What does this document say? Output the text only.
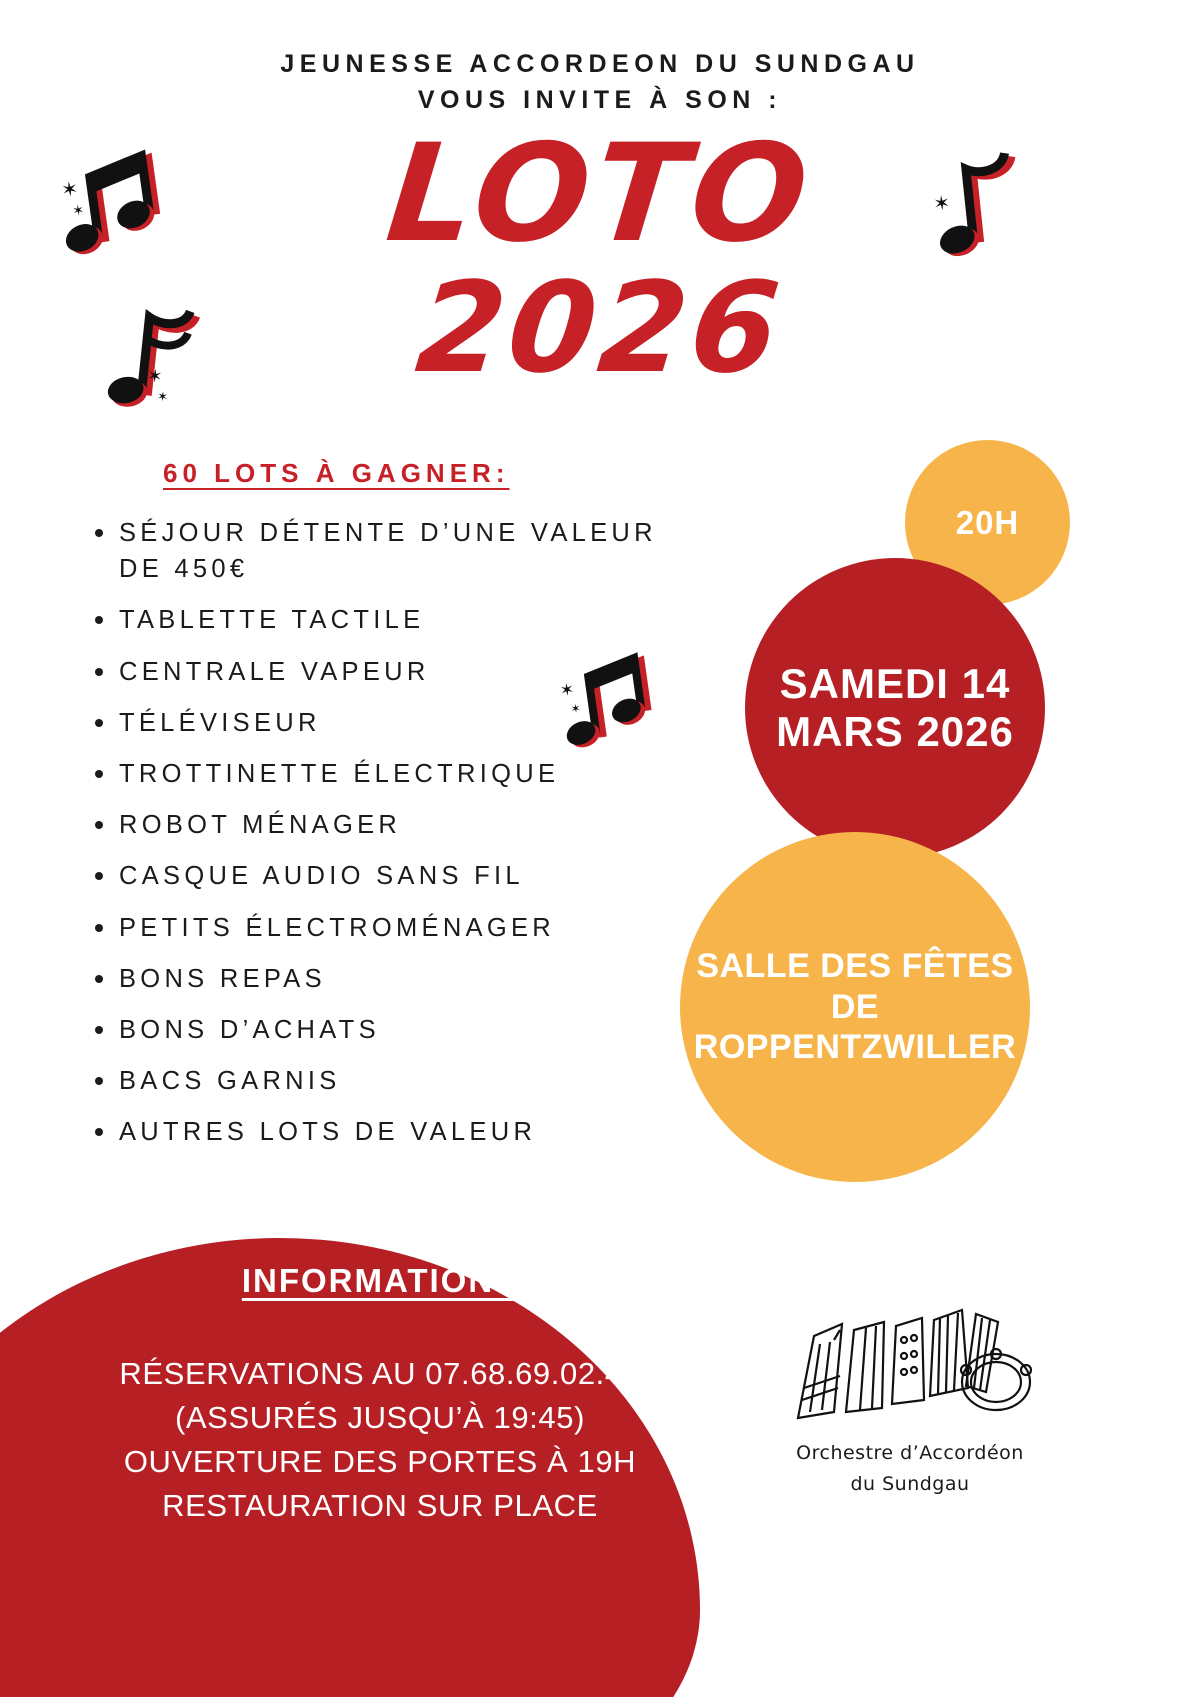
JEUNESSE ACCORDEON DU SUNDGAU
VOUS INVITE À SON :
✶
✶
✶
✶
✶
✶
✶
LOTO
2026
60 LOTS À GAGNER:
SÉJOUR DÉTENTE D’UNE VALEUR DE 450€
TABLETTE TACTILE
CENTRALE VAPEUR
TÉLÉVISEUR
TROTTINETTE ÉLECTRIQUE
ROBOT MÉNAGER
CASQUE AUDIO SANS FIL
PETITS ÉLECTROMÉNAGER
BONS REPAS
BONS D’ACHATS
BACS GARNIS
AUTRES LOTS DE VALEUR
20H
SAMEDI 14
MARS 2026
SALLE DES FÊTES
DE
ROPPENTZWILLER
INFORMATIONS
RÉSERVATIONS AU 07.68.69.02.45
(ASSURÉS JUSQU’À 19:45)
OUVERTURE DES PORTES À 19H
RESTAURATION SUR PLACE
Orchestre d’Accordéon
du Sundgau
